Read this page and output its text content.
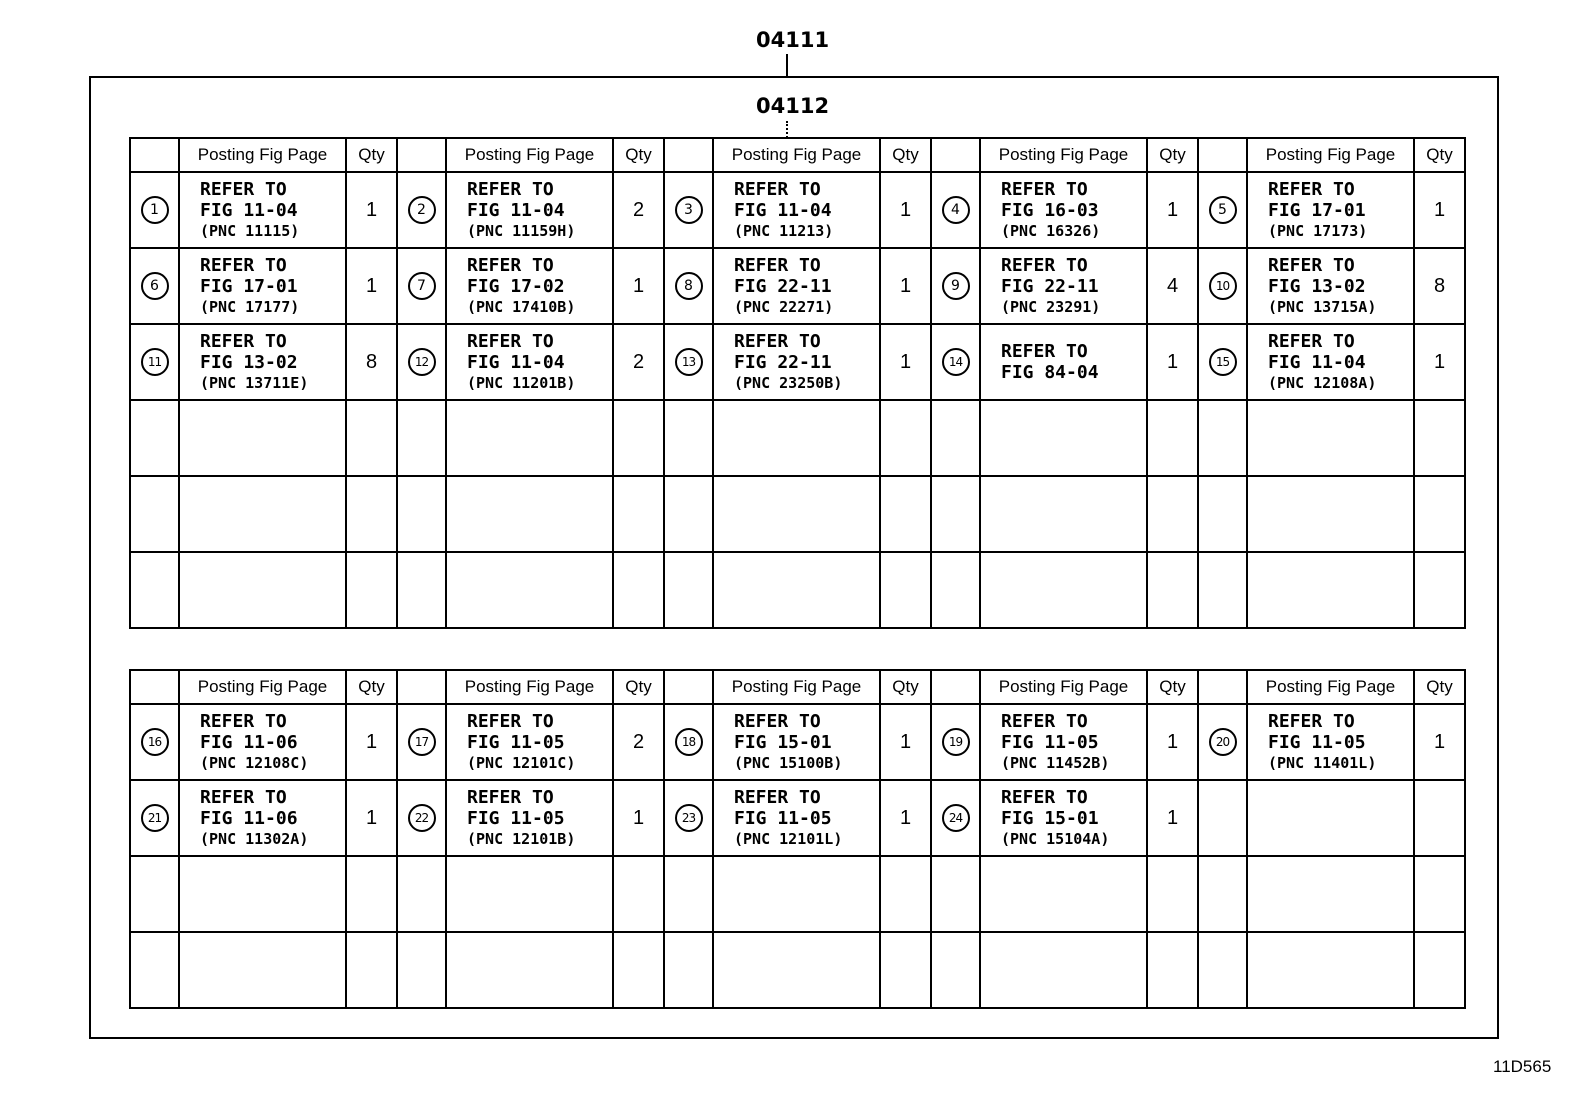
04111
04112
	Posting Fig Page	Qty		Posting Fig Page	Qty		Posting Fig Page	Qty		Posting Fig Page	Qty		Posting Fig Page	Qty

1	REFER TO
FIG 11-04
(PNC 11115)	1	2	REFER TO
FIG 11-04
(PNC 11159H)	2	3	REFER TO
FIG 11-04
(PNC 11213)	1	4	REFER TO
FIG 16-03
(PNC 16326)	1	5	REFER TO
FIG 17-01
(PNC 17173)	1

6	REFER TO
FIG 17-01
(PNC 17177)	1	7	REFER TO
FIG 17-02
(PNC 17410B)	1	8	REFER TO
FIG 22-11
(PNC 22271)	1	9	REFER TO
FIG 22-11
(PNC 23291)	4	10	REFER TO
FIG 13-02
(PNC 13715A)	8

11	REFER TO
FIG 13-02
(PNC 13711E)	8	12	REFER TO
FIG 11-04
(PNC 11201B)	2	13	REFER TO
FIG 22-11
(PNC 23250B)	1	14	REFER TO
FIG 84-04	1	15	REFER TO
FIG 11-04
(PNC 12108A)	1

	Posting Fig Page	Qty		Posting Fig Page	Qty		Posting Fig Page	Qty		Posting Fig Page	Qty		Posting Fig Page	Qty

16	REFER TO
FIG 11-06
(PNC 12108C)	1	17	REFER TO
FIG 11-05
(PNC 12101C)	2	18	REFER TO
FIG 15-01
(PNC 15100B)	1	19	REFER TO
FIG 11-05
(PNC 11452B)	1	20	REFER TO
FIG 11-05
(PNC 11401L)	1

21	REFER TO
FIG 11-06
(PNC 11302A)	1	22	REFER TO
FIG 11-05
(PNC 12101B)	1	23	REFER TO
FIG 11-05
(PNC 12101L)	1	24	REFER TO
FIG 15-01
(PNC 15104A)	1			

11D565
